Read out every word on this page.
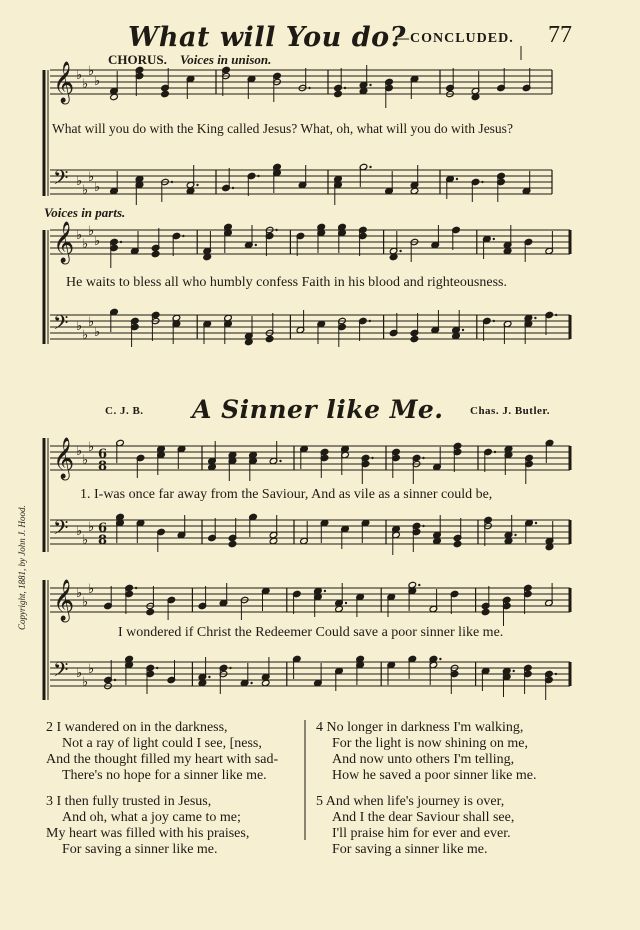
What will You do?
—CONCLUDED. 77
CHORUS. Voices in unison.
What will you do with the King called Jesus? What, oh, what will you do with Jesus?
Voices in parts.
He waits to bless all who humbly confess Faith in his blood and righteousness.
C. J. B. A Sinner like Me. Chas. J. Butler.
1. I-was once far away from the Saviour, And as vile as a sinner could be,
I wondered if Christ the Redeemer Could save a poor sinner like me.
Copyright, 1881, by John J. Hood.
2 I wandered on in the darkness,
Not a ray of light could I see, [ness,
And the thought filled my heart with sad-
There's no hope for a sinner like me.
3 I then fully trusted in Jesus,
And oh, what a joy came to me;
My heart was filled with his praises,
For saving a sinner like me.
4 No longer in darkness I'm walking,
For the light is now shining on me,
And now unto others I'm telling,
How he saved a poor sinner like me.
5 And when life's journey is over,
And I the dear Saviour shall see,
I'll praise him for ever and ever.
For saving a sinner like me.
𝄞 ♭
♭
♭
♭
𝄢 ♭
♭
♭
♭
𝄞 ♭
♭
♭
♭
𝄢 ♭
♭
♭
♭
𝄞 ♭
♭
♭ 6
8
𝄢 ♭
♭
♭ 6
8
𝄞 ♭
♭
♭
𝄢 ♭
♭
♭
